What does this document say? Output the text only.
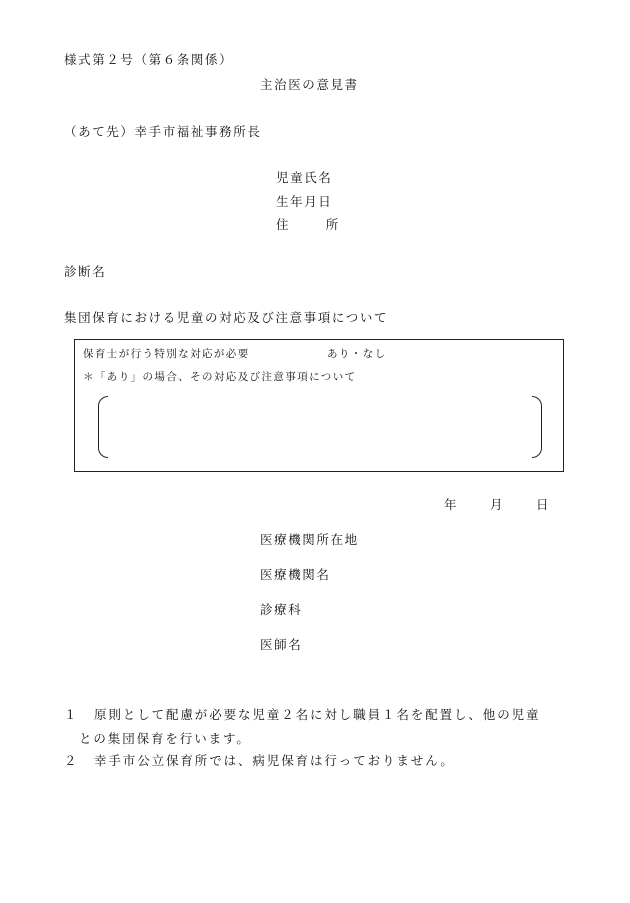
様式第２号（第６条関係）
主治医の意見書
（あて先）幸手市福祉事務所長
児童氏名
生年月日
住	所
診断名
集団保育における児童の対応及び注意事項について
保育士が行う特別な対応が必要	あり・なし
＊「あり」の場合、その対応及び注意事項について
年	月	日
医療機関所在地
医療機関名
診療科
医師名
１ 原則として配慮が必要な児童２名に対し職員１名を配置し、他の児童
との集団保育を行います。
２ 幸手市公立保育所では、病児保育は行っておりません。
